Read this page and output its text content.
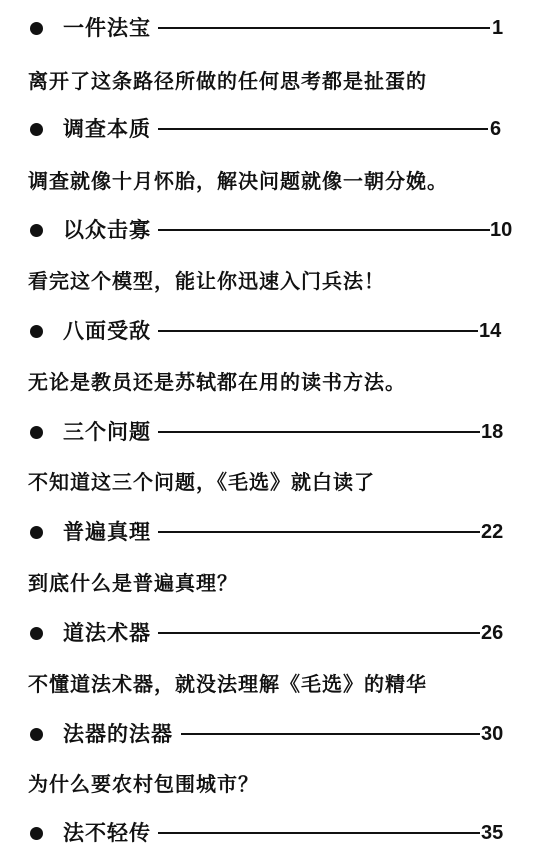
一件法宝	1
离开了这条路径所做的任何思考都是扯蛋的
调查本质	6
调查就像十月怀胎，解决问题就像一朝分娩。
以众击寡	10
看完这个模型，能让你迅速入门兵法！
八面受敌	14
无论是教员还是苏轼都在用的读书方法。
三个问题	18
不知道这三个问题，《毛选》就白读了
普遍真理	22
到底什么是普遍真理？
道法术器	26
不懂道法术器，就没法理解《毛选》的精华
法器的法器	30
为什么要农村包围城市？
法不轻传	35
